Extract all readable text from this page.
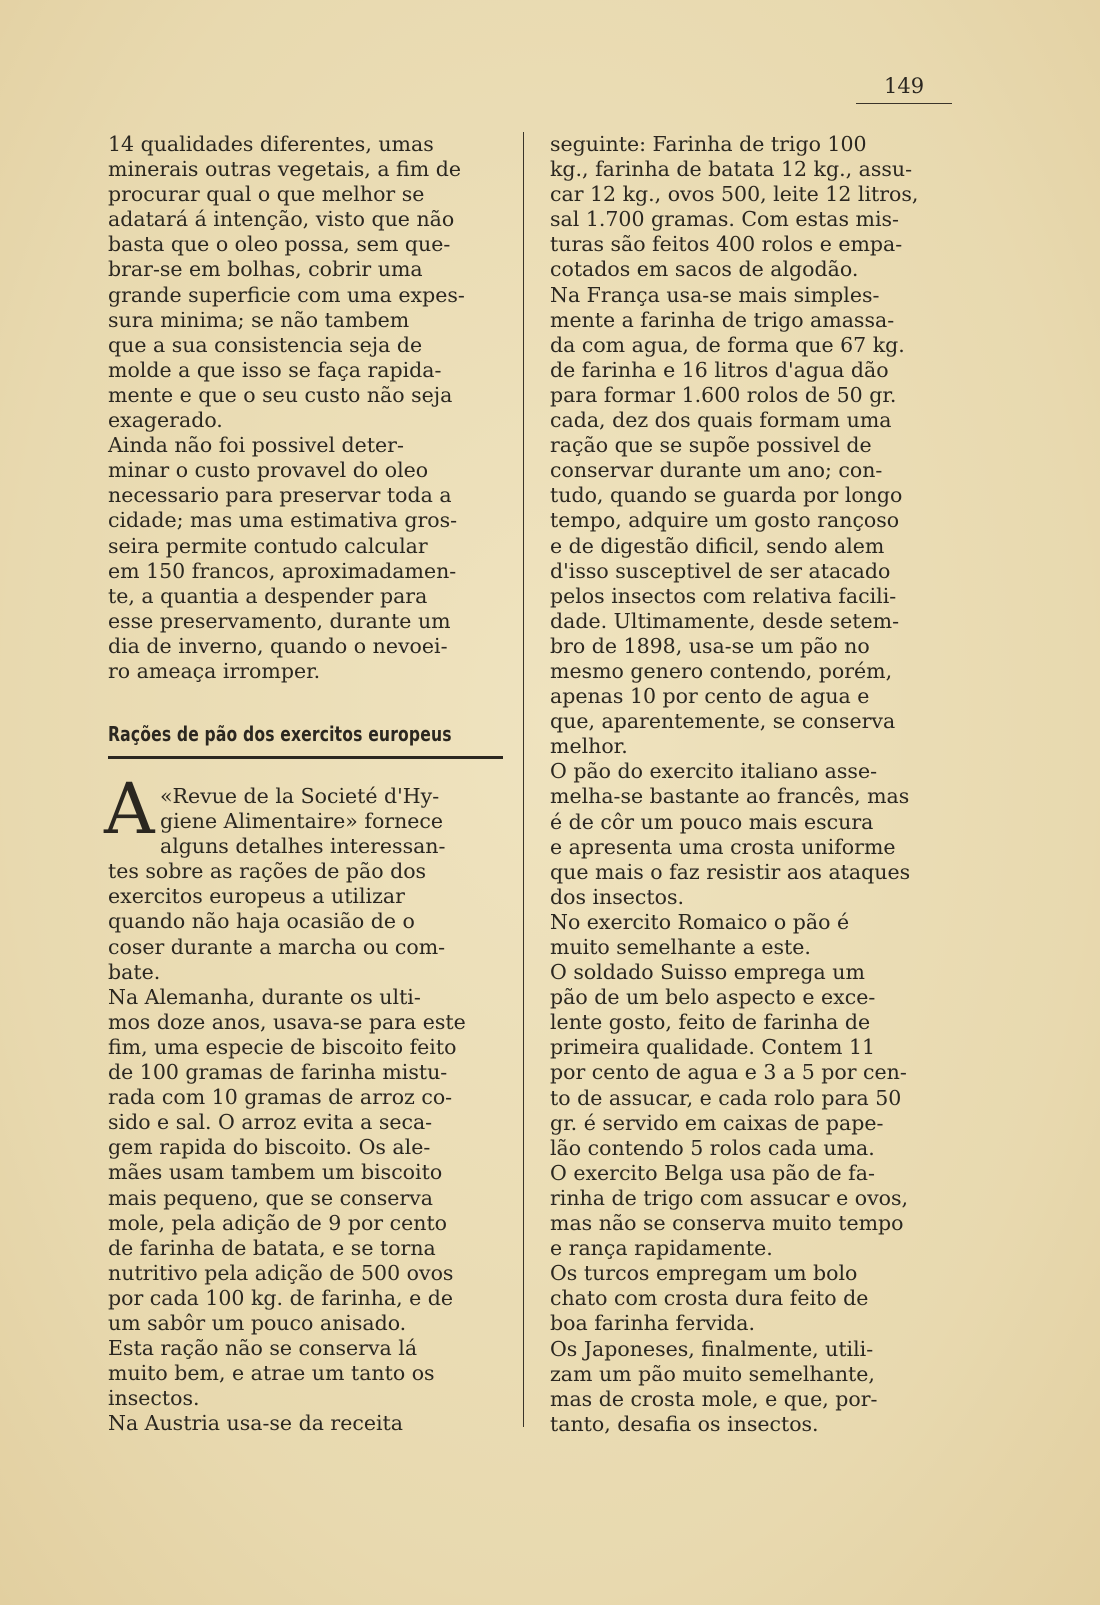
149
14 qualidades diferentes, umas
minerais outras vegetais, a fim de
procurar qual o que melhor se
adatará á intenção, visto que não
basta que o oleo possa, sem que-
brar-se em bolhas, cobrir uma
grande superficie com uma expes-
sura minima; se não tambem
que a sua consistencia seja de
molde a que isso se faça rapida-
mente e que o seu custo não seja
exagerado.
Ainda não foi possivel deter-
minar o custo provavel do oleo
necessario para preservar toda a
cidade; mas uma estimativa gros-
seira permite contudo calcular
em 150 francos, aproximadamen-
te, a quantia a despender para
esse preservamento, durante um
dia de inverno, quando o nevoei-
ro ameaça irromper.
Rações de pão dos exercitos europeus
A «Revue de la Societé d'Hy-
giene Alimentaire» fornece
alguns detalhes interessan-
tes sobre as rações de pão dos
exercitos europeus a utilizar
quando não haja ocasião de o
coser durante a marcha ou com-
bate.
Na Alemanha, durante os ulti-
mos doze anos, usava-se para este
fim, uma especie de biscoito feito
de 100 gramas de farinha mistu-
rada com 10 gramas de arroz co-
sido e sal. O arroz evita a seca-
gem rapida do biscoito. Os ale-
mães usam tambem um biscoito
mais pequeno, que se conserva
mole, pela adição de 9 por cento
de farinha de batata, e se torna
nutritivo pela adição de 500 ovos
por cada 100 kg. de farinha, e de
um sabôr um pouco anisado.
Esta ração não se conserva lá
muito bem, e atrae um tanto os
insectos.
Na Austria usa-se da receita
seguinte: Farinha de trigo 100
kg., farinha de batata 12 kg., assu-
car 12 kg., ovos 500, leite 12 litros,
sal 1.700 gramas. Com estas mis-
turas são feitos 400 rolos e empa-
cotados em sacos de algodão.
Na França usa-se mais simples-
mente a farinha de trigo amassa-
da com agua, de forma que 67 kg.
de farinha e 16 litros d'agua dão
para formar 1.600 rolos de 50 gr.
cada, dez dos quais formam uma
ração que se supõe possivel de
conservar durante um ano; con-
tudo, quando se guarda por longo
tempo, adquire um gosto rançoso
e de digestão dificil, sendo alem
d'isso susceptivel de ser atacado
pelos insectos com relativa facili-
dade. Ultimamente, desde setem-
bro de 1898, usa-se um pão no
mesmo genero contendo, porém,
apenas 10 por cento de agua e
que, aparentemente, se conserva
melhor.
O pão do exercito italiano asse-
melha-se bastante ao francês, mas
é de côr um pouco mais escura
e apresenta uma crosta uniforme
que mais o faz resistir aos ataques
dos insectos.
No exercito Romaico o pão é
muito semelhante a este.
O soldado Suisso emprega um
pão de um belo aspecto e exce-
lente gosto, feito de farinha de
primeira qualidade. Contem 11
por cento de agua e 3 a 5 por cen-
to de assucar, e cada rolo para 50
gr. é servido em caixas de pape-
lão contendo 5 rolos cada uma.
O exercito Belga usa pão de fa-
rinha de trigo com assucar e ovos,
mas não se conserva muito tempo
e rança rapidamente.
Os turcos empregam um bolo
chato com crosta dura feito de
boa farinha fervida.
Os Japoneses, finalmente, utili-
zam um pão muito semelhante,
mas de crosta mole, e que, por-
tanto, desafia os insectos.
